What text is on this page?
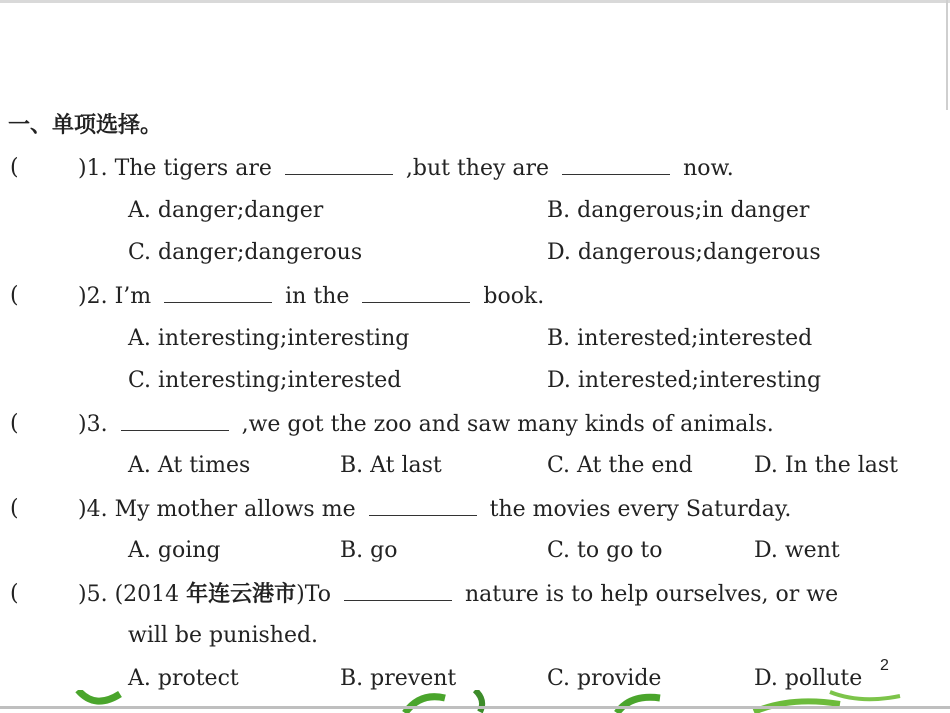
一、单项选择。
(	)1. The tigers are	,but they are	now.
A. danger;danger	B. dangerous;in danger
C. danger;dangerous	D. dangerous;dangerous
(	)2. I’m	in the	book.
A. interesting;interesting	B. interested;interested
C. interesting;interested	D. interested;interesting
(	)3.	,we got the zoo and saw many kinds of animals.
A. At times	B. At last	C. At the end	D. In the last
(	)4. My mother allows me	the movies every Saturday.
A. going	B. go	C. to go to	D. went
(	)5. (2014 年连云港市)To	nature is to help ourselves, or we
will be punished.
A. protect	B. prevent	C. provide	D. pollute
2
